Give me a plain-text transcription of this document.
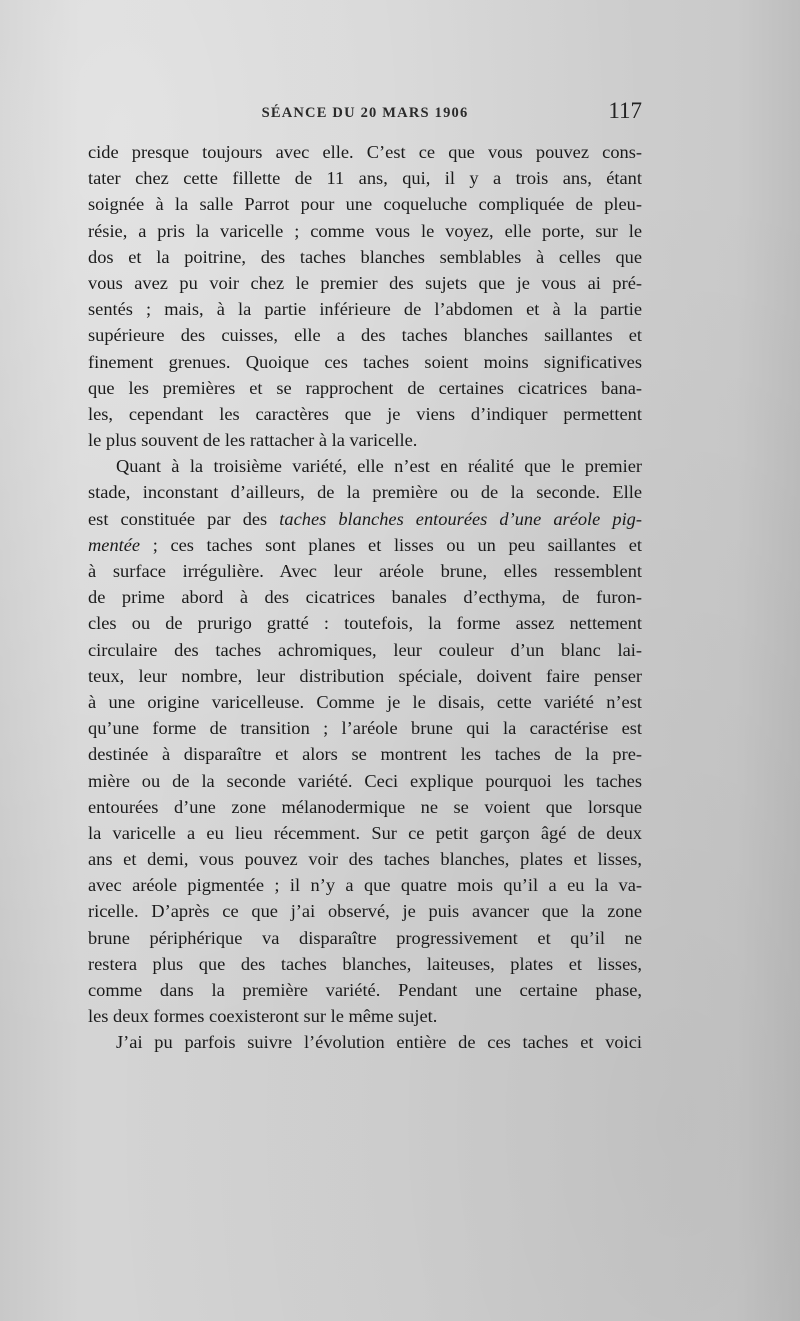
SÉANCE DU 20 MARS 1906	117
cide presque toujours avec elle. C’est ce que vous pouvez cons-
tater chez cette fillette de 11 ans, qui, il y a trois ans, étant
soignée à la salle Parrot pour une coqueluche compliquée de pleu-
résie, a pris la varicelle ; comme vous le voyez, elle porte, sur le
dos et la poitrine, des taches blanches semblables à celles que
vous avez pu voir chez le premier des sujets que je vous ai pré-
sentés ; mais, à la partie inférieure de l’abdomen et à la partie
supérieure des cuisses, elle a des taches blanches saillantes et
finement grenues. Quoique ces taches soient moins significatives
que les premières et se rapprochent de certaines cicatrices bana-
les, cependant les caractères que je viens d’indiquer permettent
le plus souvent de les rattacher à la varicelle.
Quant à la troisième variété, elle n’est en réalité que le premier
stade, inconstant d’ailleurs, de la première ou de la seconde. Elle
est constituée par des taches blanches entourées d’une aréole pig-
mentée ; ces taches sont planes et lisses ou un peu saillantes et
à surface irrégulière. Avec leur aréole brune, elles ressemblent
de prime abord à des cicatrices banales d’ecthyma, de furon-
cles ou de prurigo gratté : toutefois, la forme assez nettement
circulaire des taches achromiques, leur couleur d’un blanc lai-
teux, leur nombre, leur distribution spéciale, doivent faire penser
à une origine varicelleuse. Comme je le disais, cette variété n’est
qu’une forme de transition ; l’aréole brune qui la caractérise est
destinée à disparaître et alors se montrent les taches de la pre-
mière ou de la seconde variété. Ceci explique pourquoi les taches
entourées d’une zone mélanodermique ne se voient que lorsque
la varicelle a eu lieu récemment. Sur ce petit garçon âgé de deux
ans et demi, vous pouvez voir des taches blanches, plates et lisses,
avec aréole pigmentée ; il n’y a que quatre mois qu’il a eu la va-
ricelle. D’après ce que j’ai observé, je puis avancer que la zone
brune périphérique va disparaître progressivement et qu’il ne
restera plus que des taches blanches, laiteuses, plates et lisses,
comme dans la première variété. Pendant une certaine phase,
les deux formes coexisteront sur le même sujet.
J’ai pu parfois suivre l’évolution entière de ces taches et voici
